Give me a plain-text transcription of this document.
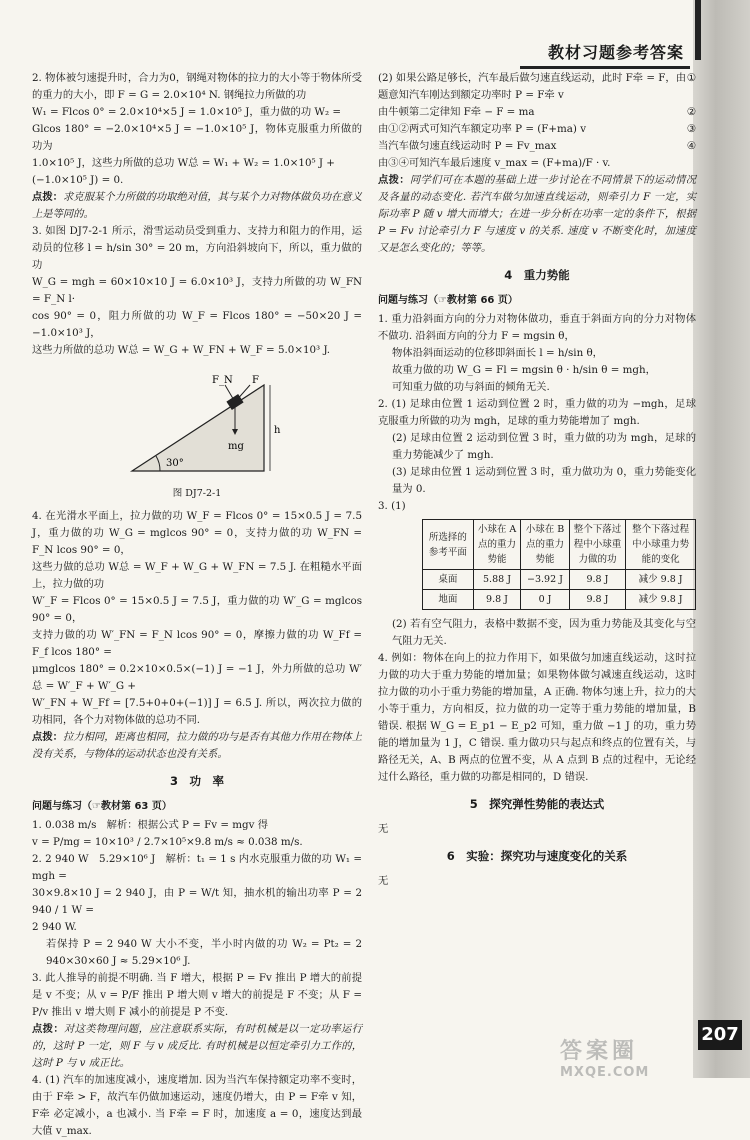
教材习题参考答案

2. 物体被匀速提升时，合力为0，钢绳对物体的拉力的大小等于物体所受的重力的大小，即 F = G = 2.0×10⁴ N. 钢绳拉力所做的功

W₁ = Flcos 0° = 2.0×10⁴×5 J = 1.0×10⁵ J，重力做的功 W₂ =

Glcos 180° = −2.0×10⁴×5 J = −1.0×10⁵ J，物体克服重力所做的功为

1.0×10⁵ J，这些力所做的总功 W总 = W₁ + W₂ = 1.0×10⁵ J +

(−1.0×10⁵ J) = 0.

点拨：求克服某个力所做的功取绝对值，其与某个力对物体做负功在意义上是等同的。

3. 如图 DJ7-2-1 所示，滑雪运动员受到重力、支持力和阻力的作用，运动员的位移 l = h/sin 30° = 20 m，方向沿斜坡向下，所以，重力做的功

W_G = mgh = 60×10×10 J = 6.0×10³ J，支持力所做的功 W_FN = F_N l·

cos 90° = 0，阻力所做的功 W_F = Flcos 180° = −50×20 J = −1.0×10³ J，

这些力所做的总功 W总 = W_G + W_FN + W_F = 5.0×10³ J.

F_N F
mg
h
30°
图 DJ7-2-1

4. 在光滑水平面上，拉力做的功 W_F = Flcos 0° = 15×0.5 J = 7.5 J，重力做的功 W_G = mglcos 90° = 0，支持力做的功 W_FN = F_N lcos 90° = 0，

这些力做的总功 W总 = W_F + W_G + W_FN = 7.5 J. 在粗糙水平面上，拉力做的功

W′_F = Flcos 0° = 15×0.5 J = 7.5 J，重力做的功 W′_G = mglcos 90° = 0，

支持力做的功 W′_FN = F_N lcos 90° = 0，摩擦力做的功 W_Ff = F_f lcos 180° =

μmglcos 180° = 0.2×10×0.5×(−1) J = −1 J，外力所做的总功 W′总 = W′_F + W′_G +

W′_FN + W_Ff = [7.5+0+0+(−1)] J = 6.5 J. 所以，两次拉力做的功相同，各个力对物体做的总功不同.

点拨：拉力相同，距离也相同，拉力做的功与是否有其他力作用在物体上没有关系，与物体的运动状态也没有关系。

3　功　率
问题与练习（☞教材第 63 页）

1. 0.038 m/s　解析：根据公式 P = Fv = mgv 得

v = P/mg = 10×10³ / 2.7×10⁵×9.8 m/s ≈ 0.038 m/s.

2. 2 940 W　5.29×10⁶ J　解析：t₁ = 1 s 内水克服重力做的功 W₁ = mgh =

30×9.8×10 J = 2 940 J，由 P = W/t 知，抽水机的输出功率 P = 2 940 / 1 W =

2 940 W.

若保持 P = 2 940 W 大小不变，半小时内做的功 W₂ = Pt₂ = 2 940×30×60 J ≈ 5.29×10⁶ J.

3. 此人推导的前提不明确. 当 F 增大，根据 P = Fv 推出 P 增大的前提是 v 不变；从 v = P/F 推出 P 增大则 v 增大的前提是 F 不变；从 F = P/v 推出 v 增大则 F 减小的前提是 P 不变.

点拨：对这类物理问题，应注意联系实际，有时机械是以一定功率运行的，这时 P 一定，则 F 与 v 成反比. 有时机械是以恒定牵引力工作的，这时 P 与 v 成正比。

4. (1) 汽车的加速度减小，速度增加. 因为当汽车保持额定功率不变时，由于 F牵 > F，故汽车仍做加速运动，速度仍增大，由 P = F牵 v 知，F牵 必定减小，a 也减小. 当 F牵 = F 时，加速度 a = 0，速度达到最大值 v_max.

(2) 如果公路足够长，汽车最后做匀速直线运动，此时 F牵 = F，由题意知汽车刚达到额定功率时 P = F牵 v
①
由牛顿第二定律知 F牵 − F = ma	②
由①②两式可知汽车额定功率 P = (F+ma) v	③
当汽车做匀速直线运动时 P = Fv_max	④

由③④可知汽车最后速度 v_max = (F+ma)/F · v.

点拨：同学们可在本题的基础上进一步讨论在不同情景下的运动情况及各量的动态变化. 若汽车做匀加速直线运动，则牵引力 F 一定，实际功率 P 随 v 增大而增大；在进一步分析在功率一定的条件下，根据 P = Fv 讨论牵引力 F 与速度 v 的关系. 速度 v 不断变化时，加速度又是怎么变化的；等等。

4　重力势能
问题与练习（☞教材第 66 页）

1. 重力沿斜面方向的分力对物体做功，垂直于斜面方向的分力对物体不做功. 沿斜面方向的分力 F = mgsin θ，

物体沿斜面运动的位移即斜面长 l = h/sin θ，

故重力做的功 W_G = Fl = mgsin θ · h/sin θ = mgh，

可知重力做的功与斜面的倾角无关.

2. (1) 足球由位置 1 运动到位置 2 时，重力做的功为 −mgh，足球克服重力所做的功为 mgh，足球的重力势能增加了 mgh.

(2) 足球由位置 2 运动到位置 3 时，重力做的功为 mgh，足球的重力势能减少了 mgh.

(3) 足球由位置 1 运动到位置 3 时，重力做功为 0，重力势能变化量为 0.

3. (1)

所选择的参考平面	小球在 A 点的重力势能	小球在 B 点的重力势能	整个下落过程中小球重力做的功	整个下落过程中小球重力势能的变化
桌面	5.88 J	−3.92 J	9.8 J	减少 9.8 J
地面	9.8 J	0 J	9.8 J	减少 9.8 J

(2) 若有空气阻力，表格中数据不变，因为重力势能及其变化与空气阻力无关.

4. 例如：物体在向上的拉力作用下，如果做匀加速直线运动，这时拉力做的功大于重力势能的增加量；如果物体做匀减速直线运动，这时拉力做的功小于重力势能的增加量，A 正确. 物体匀速上升，拉力的大小等于重力，方向相反，拉力做的功一定等于重力势能的增加量，B 错误. 根据 W_G = E_p1 − E_p2 可知，重力做 −1 J 的功，重力势能的增加量为 1 J，C 错误. 重力做功只与起点和终点的位置有关，与路径无关，A、B 两点的位置不变，从 A 点到 B 点的过程中，无论经过什么路径，重力做的功都是相同的，D 错误.

5　探究弹性势能的表达式

无

6　实验：探究功与速度变化的关系

无

207
答案圈
MXQE.COM
